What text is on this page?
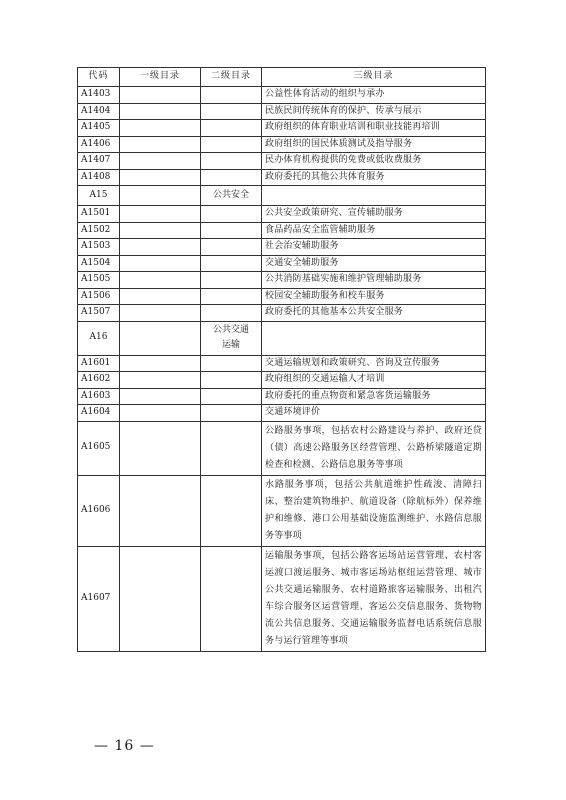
代码	一级目录	二级目录	三级目录
A1403			公益性体育活动的组织与承办
A1404			民族民间传统体育的保护、传承与展示
A1405			政府组织的体育职业培训和职业技能再培训
A1406			政府组织的国民体质测试及指导服务
A1407			民办体育机构提供的免费或低收费服务
A1408			政府委托的其他公共体育服务
A15		公共安全	
A1501			公共安全政策研究、宣传辅助服务
A1502			食品药品安全监管辅助服务
A1503			社会治安辅助服务
A1504			交通安全辅助服务
A1505			公共消防基础实施和维护管理辅助服务
A1506			校园安全辅助服务和校车服务
A1507			政府委托的其他基本公共安全服务
A16		公共交通运输	
A1601			交通运输规划和政策研究、咨询及宣传服务
A1602			政府组织的交通运输人才培训
A1603			政府委托的重点物资和紧急客货运输服务
A1604			交通环境评价
A1605			公路服务事项，包括农村公路建设与养护、政府还贷（债）高速公路服务区经营管理、公路桥梁隧道定期检查和检测、公路信息服务等事项
A1606			水路服务事项，包括公共航道维护性疏浚、清障扫床、整治建筑物维护、航道设备（除航标外）保养维护和维修、港口公用基础设施监测维护、水路信息服务等事项
A1607			运输服务事项，包括公路客运场站运营管理、农村客运渡口渡运服务、城市客运场站枢纽运营管理、城市公共交通运输服务、农村道路旅客运输服务、出租汽车综合服务区运营管理、客运公交信息服务、货物物流公共信息服务、交通运输服务监督电话系统信息服务与运行管理等事项
— 16 —
